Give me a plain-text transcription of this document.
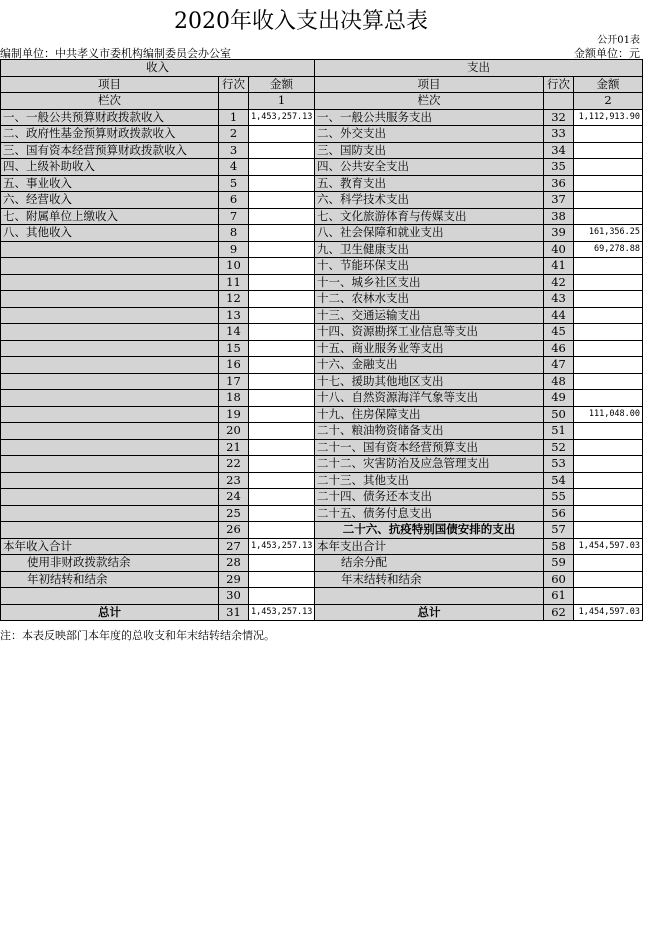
2020年收入支出决算总表
公开01表
编制单位：中共孝义市委机构编制委员会办公室	金额单位：元
收入			支出		
项目	行次	金额	项目	行次	金额
栏次		1	栏次		2
一、一般公共预算财政拨款收入	1	1,453,257.13	一、一般公共服务支出	32	1,112,913.90
二、政府性基金预算财政拨款收入	2		二、外交支出	33	
三、国有资本经营预算财政拨款收入	3		三、国防支出	34	
四、上级补助收入	4		四、公共安全支出	35	
五、事业收入	5		五、教育支出	36	
六、经营收入	6		六、科学技术支出	37	
七、附属单位上缴收入	7		七、文化旅游体育与传媒支出	38	
八、其他收入	8		八、社会保障和就业支出	39	161,356.25
	9		九、卫生健康支出	40	69,278.88
	10		十、节能环保支出	41	
	11		十一、城乡社区支出	42	
	12		十二、农林水支出	43	
	13		十三、交通运输支出	44	
	14		十四、资源勘探工业信息等支出	45	
	15		十五、商业服务业等支出	46	
	16		十六、金融支出	47	
	17		十七、援助其他地区支出	48	
	18		十八、自然资源海洋气象等支出	49	
	19		十九、住房保障支出	50	111,048.00
	20		二十、粮油物资储备支出	51	
	21		二十一、国有资本经营预算支出	52	
	22		二十二、灾害防治及应急管理支出	53	
	23		二十三、其他支出	54	
	24		二十四、债务还本支出	55	
	25		二十五、债务付息支出	56	
	26		二十六、抗疫特别国债安排的支出	57	
本年收入合计	27	1,453,257.13	本年支出合计	58	1,454,597.03
使用非财政拨款结余	28		结余分配	59	
年初结转和结余	29		年末结转和结余	60	
	30			61	
总计	31	1,453,257.13	总计	62	1,454,597.03
注：本表反映部门本年度的总收支和年末结转结余情况。
